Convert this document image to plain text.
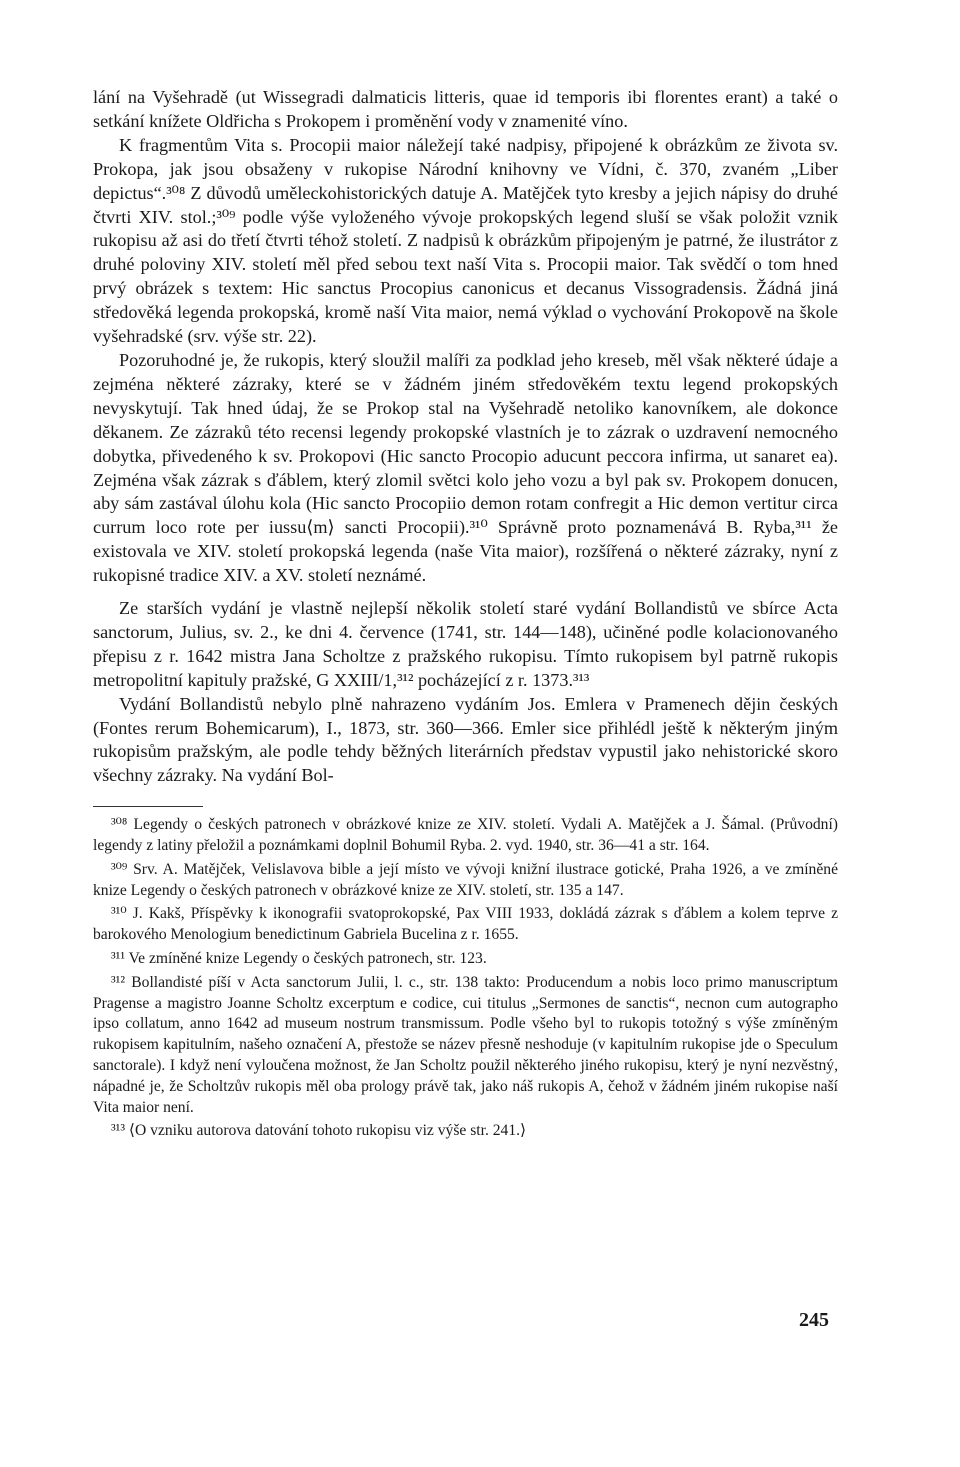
lání na Vyšehradě (ut Wissegradi dalmaticis litteris, quae id temporis ibi florentes erant) a také o setkání knížete Oldřicha s Prokopem i proměnění vody v znamenité víno.

K fragmentům Vita s. Procopii maior náležejí také nadpisy, připojené k obrázkům ze života sv. Prokopa, jak jsou obsaženy v rukopise Národní knihovny ve Vídni, č. 370, zvaném „Liber depictus“.³⁰⁸ Z důvodů uměleckohistorických datuje A. Matějček tyto kresby a jejich nápisy do druhé čtvrti XIV. stol.;³⁰⁹ podle výše vyloženého vývoje prokopských legend sluší se však položit vznik rukopisu až asi do třetí čtvrti téhož století. Z nadpisů k obrázkům připojeným je patrné, že ilustrátor z druhé poloviny XIV. století měl před sebou text naší Vita s. Procopii maior. Tak svědčí o tom hned prvý obrázek s textem: Hic sanctus Procopius canonicus et decanus Vissogradensis. Žádná jiná středověká legenda prokopská, kromě naší Vita maior, nemá výklad o vychování Prokopově na škole vyšehradské (srv. výše str. 22).

Pozoruhodné je, že rukopis, který sloužil malíři za podklad jeho kreseb, měl však některé údaje a zejména některé zázraky, které se v žádném jiném středověkém textu legend prokopských nevyskytují. Tak hned údaj, že se Prokop stal na Vyšehradě netoliko kanovníkem, ale dokonce děkanem. Ze zázraků této recensi legendy prokopské vlastních je to zázrak o uzdravení nemocného dobytka, přivedeného k sv. Prokopovi (Hic sancto Procopio aducunt peccora infirma, ut sanaret ea). Zejména však zázrak s ďáblem, který zlomil světci kolo jeho vozu a byl pak sv. Prokopem donucen, aby sám zastával úlohu kola (Hic sancto Procopiio demon rotam confregit a Hic demon vertitur circa currum loco rote per iussu⟨m⟩ sancti Procopii).³¹⁰ Správně proto poznamenává B. Ryba,³¹¹ že existovala ve XIV. století prokopská legenda (naše Vita maior), rozšířená o některé zázraky, nyní z rukopisné tradice XIV. a XV. století neznámé.

Ze starších vydání je vlastně nejlepší několik století staré vydání Bollandistů ve sbírce Acta sanctorum, Julius, sv. 2., ke dni 4. července (1741, str. 144—148), učiněné podle kolacionovaného přepisu z r. 1642 mistra Jana Scholtze z pražského rukopisu. Tímto rukopisem byl patrně rukopis metropolitní kapituly pražské, G XXIII/1,³¹² pocházející z r. 1373.³¹³

Vydání Bollandistů nebylo plně nahrazeno vydáním Jos. Emlera v Pramenech dějin českých (Fontes rerum Bohemicarum), I., 1873, str. 360—366. Emler sice přihlédl ještě k některým jiným rukopisům pražským, ale podle tehdy běžných literárních představ vypustil jako nehistorické skoro všechny zázraky. Na vydání Bol-

³⁰⁸ Legendy o českých patronech v obrázkové knize ze XIV. století. Vydali A. Matějček a J. Šámal. (Průvodní) legendy z latiny přeložil a poznámkami doplnil Bohumil Ryba. 2. vyd. 1940, str. 36—41 a str. 164.

³⁰⁹ Srv. A. Matějček, Velislavova bible a její místo ve vývoji knižní ilustrace gotické, Praha 1926, a ve zmíněné knize Legendy o českých patronech v obrázkové knize ze XIV. století, str. 135 a 147.

³¹⁰ J. Kakš, Příspěvky k ikonografii svatoprokopské, Pax VIII 1933, dokládá zázrak s ďáblem a kolem teprve z barokového Menologium benedictinum Gabriela Bucelina z r. 1655.

³¹¹ Ve zmíněné knize Legendy o českých patronech, str. 123.

³¹² Bollandisté píší v Acta sanctorum Julii, l. c., str. 138 takto: Producendum a nobis loco primo manuscriptum Pragense a magistro Joanne Scholtz excerptum e codice, cui titulus „Sermones de sanctis“, necnon cum autographo ipso collatum, anno 1642 ad museum nostrum transmissum. Podle všeho byl to rukopis totožný s výše zmíněným rukopisem kapitulním, našeho označení A, přestože se název přesně neshoduje (v kapitulním rukopise jde o Speculum sanctorale). I když není vyloučena možnost, že Jan Scholtz použil některého jiného rukopisu, který je nyní nezvěstný, nápadné je, že Scholtzův rukopis měl oba prology právě tak, jako náš rukopis A, čehož v žádném jiném rukopise naší Vita maior není.

³¹³ ⟨O vzniku autorova datování tohoto rukopisu viz výše str. 241.⟩

245
